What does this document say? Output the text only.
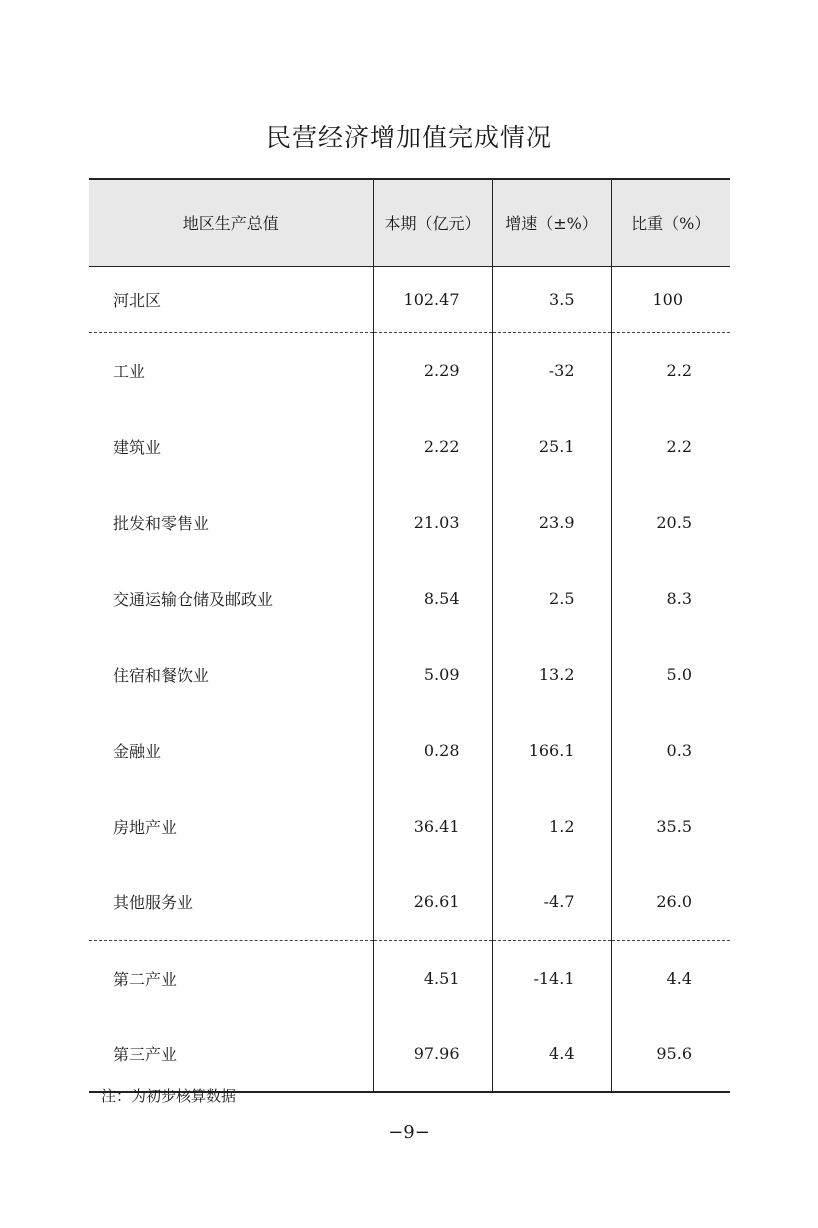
民营经济增加值完成情况
地区生产总值	本期（亿元）	增速（±%）	比重（%）
河北区	102.47	3.5	100
工业	2.29	-32	2.2
建筑业	2.22	25.1	2.2
批发和零售业	21.03	23.9	20.5
交通运输仓储及邮政业	8.54	2.5	8.3
住宿和餐饮业	5.09	13.2	5.0
金融业	0.28	166.1	0.3
房地产业	36.41	1.2	35.5
其他服务业	26.61	-4.7	26.0
第二产业	4.51	-14.1	4.4
第三产业	97.96	4.4	95.6
注：为初步核算数据
−9−
